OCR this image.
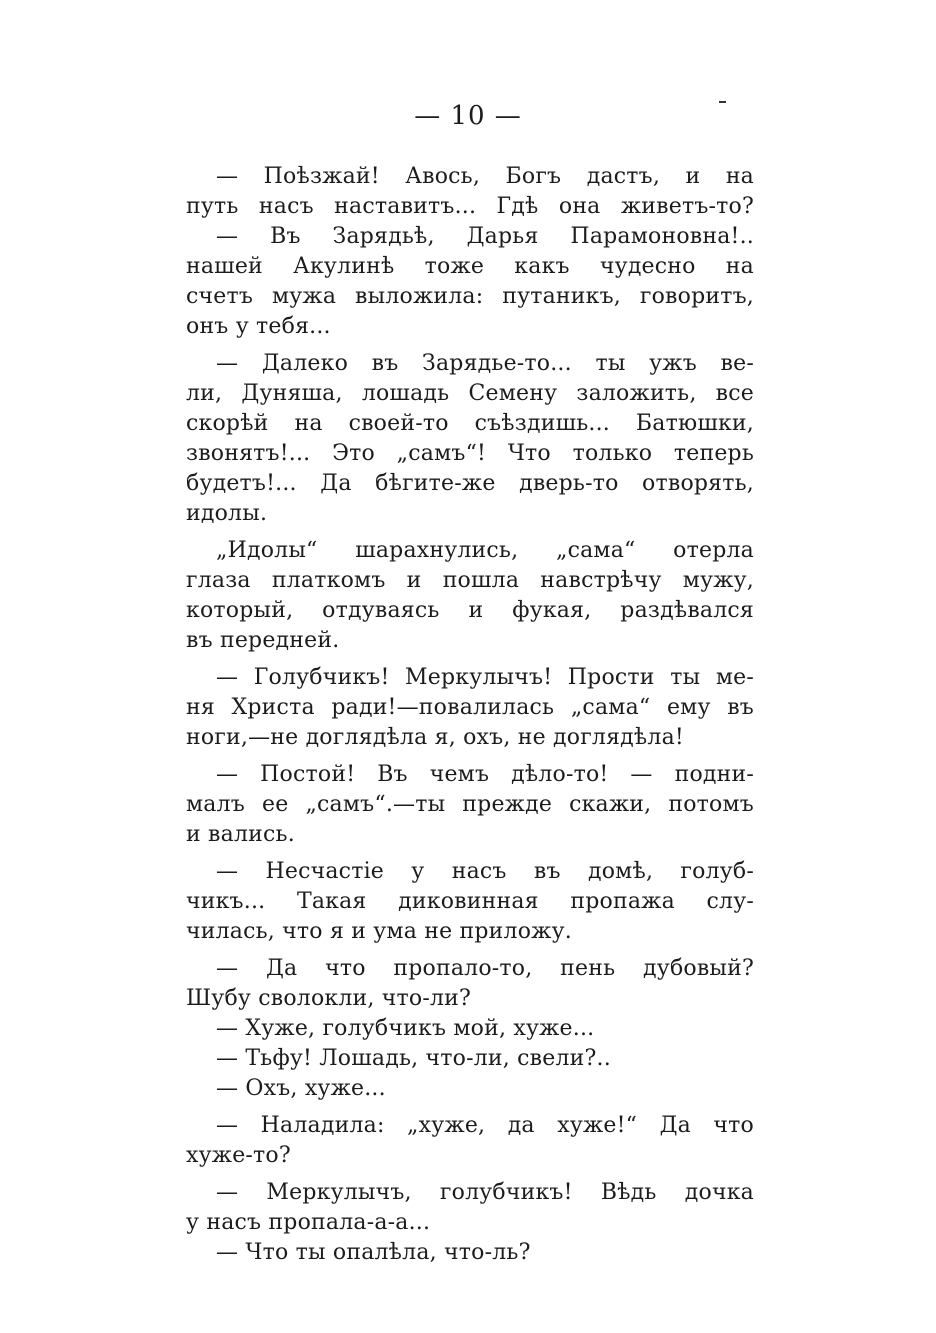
— 10 —
— Поѣзжай! Авось, Богъ дастъ, и на
путь насъ наставитъ... Гдѣ она живетъ-то?
— Въ Зарядьѣ, Дарья Парамоновна!..
нашей Акулинѣ тоже какъ чудесно на
счетъ мужа выложила: путаникъ, говоритъ,
онъ у тебя...
— Далеко въ Зарядье-то... ты ужъ ве-
ли, Дуняша, лошадь Семену заложить, все
скорѣй на своей-то съѣздишь... Батюшки,
звонятъ!... Это „самъ“! Что только теперь
будетъ!... Да бѣгите-же дверь-то отворять,
идолы.
„Идолы“ шарахнулись, „сама“ отерла
глаза платкомъ и пошла навстрѣчу мужу,
который, отдуваясь и фукая, раздѣвался
въ передней.
— Голубчикъ! Меркулычъ! Прости ты ме-
ня Христа ради!—повалилась „сама“ ему въ
ноги,—не доглядѣла я, охъ, не доглядѣла!
— Постой! Въ чемъ дѣло-то! — подни-
малъ ее „самъ“.—ты прежде скажи, потомъ
и вались.
— Несчастіе у насъ въ домѣ, голуб-
чикъ... Такая диковинная пропажа слу-
чилась, что я и ума не приложу.
— Да что пропало-то, пень дубовый?
Шубу сволокли, что-ли?
— Хуже, голубчикъ мой, хуже...
— Тьфу! Лошадь, что-ли, свели?..
— Охъ, хуже...
— Наладила: „хуже, да хуже!“ Да что
хуже-то?
— Меркулычъ, голубчикъ! Вѣдь дочка
у насъ пропала-а-а...
— Что ты опалѣла, что-ль?
